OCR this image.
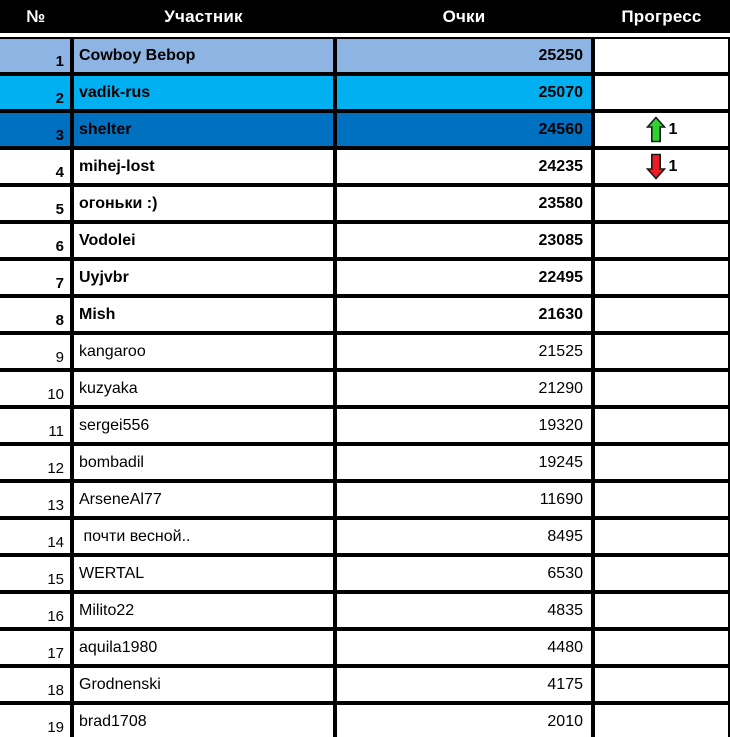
№	Участник	Очки	Прогресс
1	Cowboy Bebop	25250	
2	vadik-rus	25070	
3	shelter	24560	1

4	mihej-lost	24235	1

5	огоньки :)	23580	
6	Vodolei	23085	
7	Uyjvbr	22495	
8	Mish	21630	
9	kangaroo	21525	
10	kuzyaka	21290	
11	sergei556	19320	
12	bombadil	19245	
13	ArseneAl77	11690	
14	почти весной..	8495	
15	WERTAL	6530	
16	Milito22	4835	
17	aquila1980	4480	
18	Grodnenski	4175	
19	brad1708	2010	
